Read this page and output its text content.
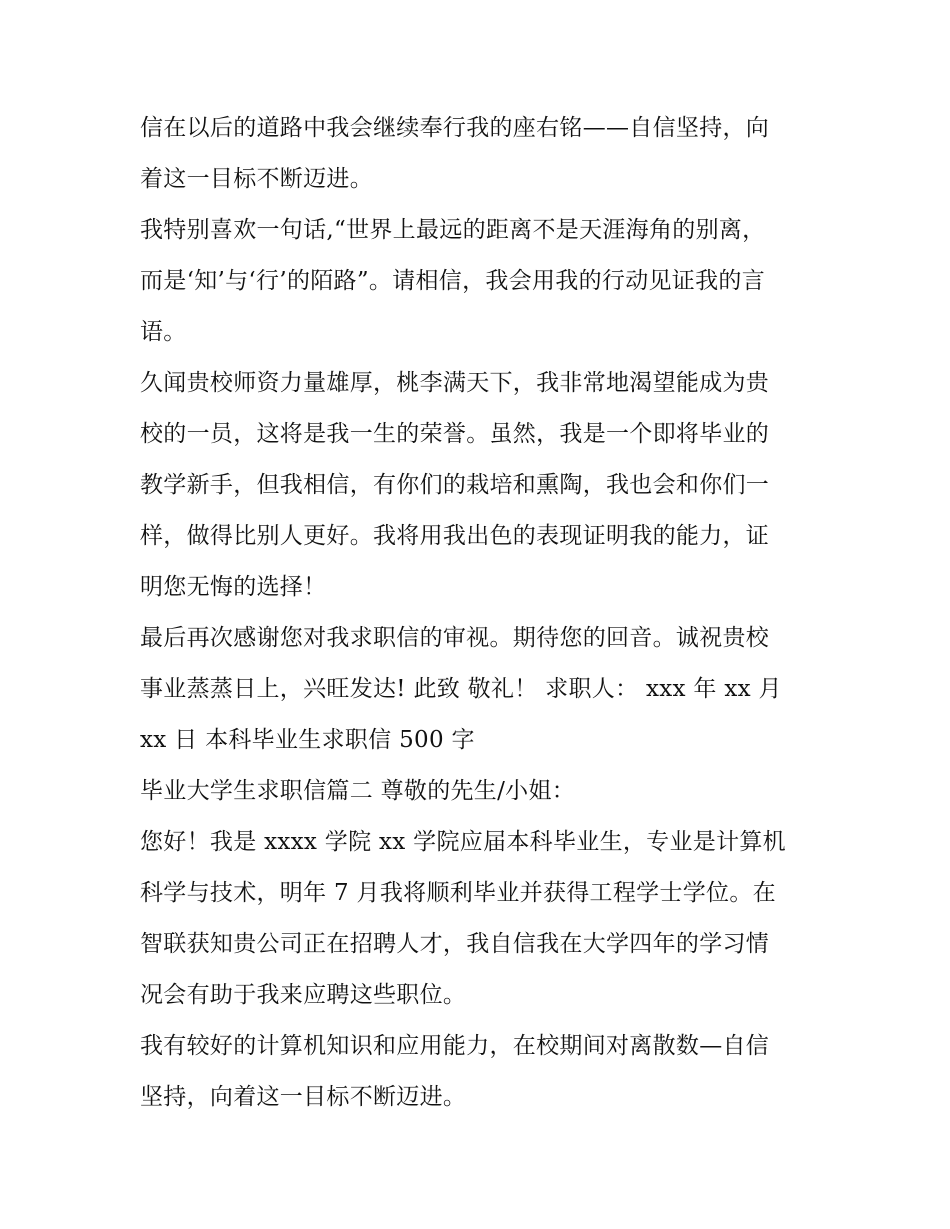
信在以后的道路中我会继续奉行我的座右铭——自信坚持，向
着这一目标不断迈进。

我特别喜欢一句话,“世界上最远的距离不是天涯海角的别离，
而是‘知’与‘行’的陌路”。请相信，我会用我的行动见证我的言
语。

久闻贵校师资力量雄厚，桃李满天下，我非常地渴望能成为贵
校的一员，这将是我一生的荣誉。虽然，我是一个即将毕业的
教学新手，但我相信，有你们的栽培和熏陶，我也会和你们一
样，做得比别人更好。我将用我出色的表现证明我的能力，证
明您无悔的选择！

最后再次感谢您对我求职信的审视。期待您的回音。诚祝贵校
事业蒸蒸日上，兴旺发达! 此致 敬礼！ 求职人： xxx 年 xx 月
xx 日 本科毕业生求职信 500 字

毕业大学生求职信篇二 尊敬的先生/小姐：

您好！我是 xxxx 学院 xx 学院应届本科毕业生，专业是计算机
科学与技术，明年 7 月我将顺利毕业并获得工程学士学位。在
智联获知贵公司正在招聘人才，我自信我在大学四年的学习情
况会有助于我来应聘这些职位。

我有较好的计算机知识和应用能力，在校期间对离散数—自信
坚持，向着这一目标不断迈进。
